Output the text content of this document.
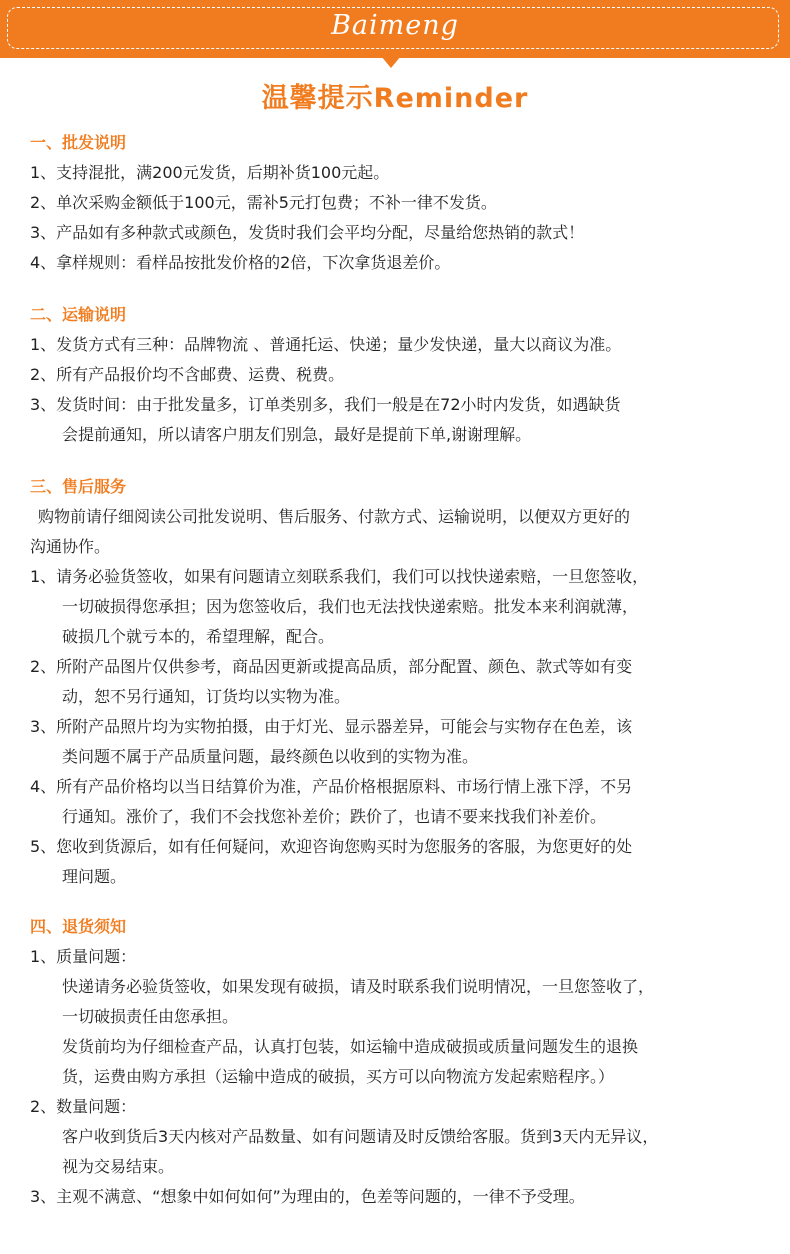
Baimeng
温馨提示Reminder
一、批发说明
1、支持混批，满200元发货，后期补货100元起。
2、单次采购金额低于100元，需补5元打包费；不补一律不发货。
3、产品如有多种款式或颜色，发货时我们会平均分配，尽量给您热销的款式！
4、拿样规则：看样品按批发价格的2倍，下次拿货退差价。
二、运输说明
1、发货方式有三种：品牌物流 、普通托运、快递；量少发快递，量大以商议为准。
2、所有产品报价均不含邮费、运费、税费。
3、发货时间：由于批发量多，订单类别多，我们一般是在72小时内发货，如遇缺货
会提前通知，所以请客户朋友们别急，最好是提前下单,谢谢理解。
三、售后服务
购物前请仔细阅读公司批发说明、售后服务、付款方式、运输说明，以便双方更好的
沟通协作。
1、请务必验货签收，如果有问题请立刻联系我们，我们可以找快递索赔，一旦您签收，
一切破损得您承担；因为您签收后，我们也无法找快递索赔。批发本来利润就薄，
破损几个就亏本的，希望理解，配合。
2、所附产品图片仅供参考，商品因更新或提高品质，部分配置、颜色、款式等如有变
动，恕不另行通知，订货均以实物为准。
3、所附产品照片均为实物拍摄，由于灯光、显示器差异，可能会与实物存在色差，该
类问题不属于产品质量问题，最终颜色以收到的实物为准。
4、所有产品价格均以当日结算价为准，产品价格根据原料、市场行情上涨下浮，不另
行通知。涨价了，我们不会找您补差价；跌价了，也请不要来找我们补差价。
5、您收到货源后，如有任何疑问，欢迎咨询您购买时为您服务的客服，为您更好的处
理问题。
四、退货须知
1、质量问题：
快递请务必验货签收，如果发现有破损，请及时联系我们说明情况，一旦您签收了，
一切破损责任由您承担。
发货前均为仔细检查产品，认真打包装，如运输中造成破损或质量问题发生的退换
货，运费由购方承担（运输中造成的破损，买方可以向物流方发起索赔程序。）
2、数量问题：
客户收到货后3天内核对产品数量、如有问题请及时反馈给客服。货到3天内无异议，
视为交易结束。
3、主观不满意、“想象中如何如何”为理由的，色差等问题的，一律不予受理。
